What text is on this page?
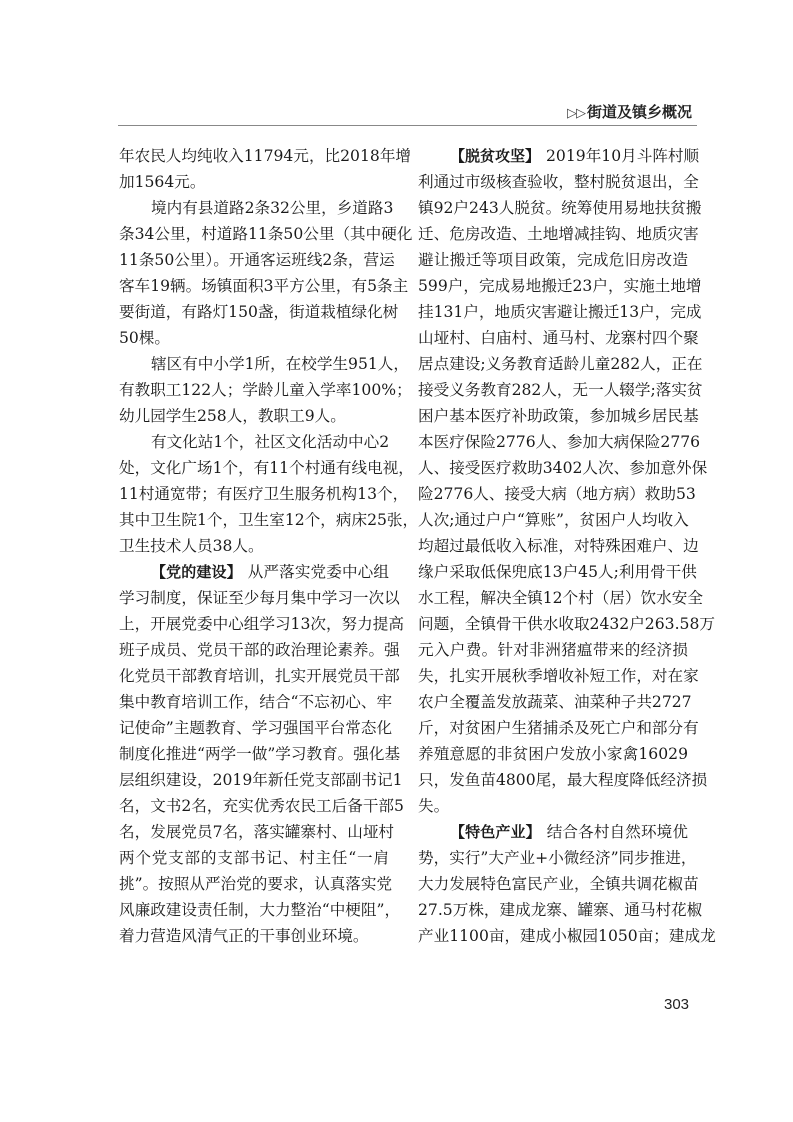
▷▷ 街道及镇乡概况
年农民人均纯收入11794元，比2018年增
加1564元。
境内有县道路2条32公里，乡道路3
条34公里，村道路11条50公里（其中硬化
11条50公里）。开通客运班线2条，营运
客车19辆。场镇面积3平方公里，有5条主
要街道，有路灯150盏，街道栽植绿化树
50棵。
辖区有中小学1所，在校学生951人，
有教职工122人；学龄儿童入学率100%；
幼儿园学生258人，教职工9人。
有文化站1个，社区文化活动中心2
处，文化广场1个，有11个村通有线电视，
11村通宽带；有医疗卫生服务机构13个，
其中卫生院1个，卫生室12个，病床25张，
卫生技术人员38人。
【党的建设】 从严落实党委中心组
学习制度，保证至少每月集中学习一次以
上，开展党委中心组学习13次，努力提高
班子成员、党员干部的政治理论素养。强
化党员干部教育培训，扎实开展党员干部
集中教育培训工作，结合“不忘初心、牢
记使命”主题教育、学习强国平台常态化
制度化推进“两学一做”学习教育。强化基
层组织建设，2019年新任党支部副书记1
名，文书2名，充实优秀农民工后备干部5
名，发展党员7名，落实罐寨村、山垭村
两个党支部的支部书记、村主任“一肩
挑”。按照从严治党的要求，认真落实党
风廉政建设责任制，大力整治“中梗阻”，
着力营造风清气正的干事创业环境。
【脱贫攻坚】 2019年10月斗阵村顺
利通过市级核查验收，整村脱贫退出，全
镇92户243人脱贫。统筹使用易地扶贫搬
迁、危房改造、土地增减挂钩、地质灾害
避让搬迁等项目政策，完成危旧房改造
599户，完成易地搬迁23户，实施土地增
挂131户，地质灾害避让搬迁13户，完成
山垭村、白庙村、通马村、龙寨村四个聚
居点建设;义务教育适龄儿童282人，正在
接受义务教育282人，无一人辍学;落实贫
困户基本医疗补助政策，参加城乡居民基
本医疗保险2776人、参加大病保险2776
人、接受医疗救助3402人次、参加意外保
险2776人、接受大病（地方病）救助53
人次;通过户户“算账”，贫困户人均收入
均超过最低收入标准，对特殊困难户、边
缘户采取低保兜底13户45人;利用骨干供
水工程，解决全镇12个村（居）饮水安全
问题，全镇骨干供水收取2432户263.58万
元入户费。针对非洲猪瘟带来的经济损
失，扎实开展秋季增收补短工作，对在家
农户全覆盖发放蔬菜、油菜种子共2727
斤，对贫困户生猪捕杀及死亡户和部分有
养殖意愿的非贫困户发放小家禽16029
只，发鱼苗4800尾，最大程度降低经济损
失。
【特色产业】 结合各村自然环境优
势，实行”大产业+小微经济”同步推进，
大力发展特色富民产业，全镇共调花椒苗
27.5万株，建成龙寨、罐寨、通马村花椒
产业1100亩，建成小椒园1050亩；建成龙
303
